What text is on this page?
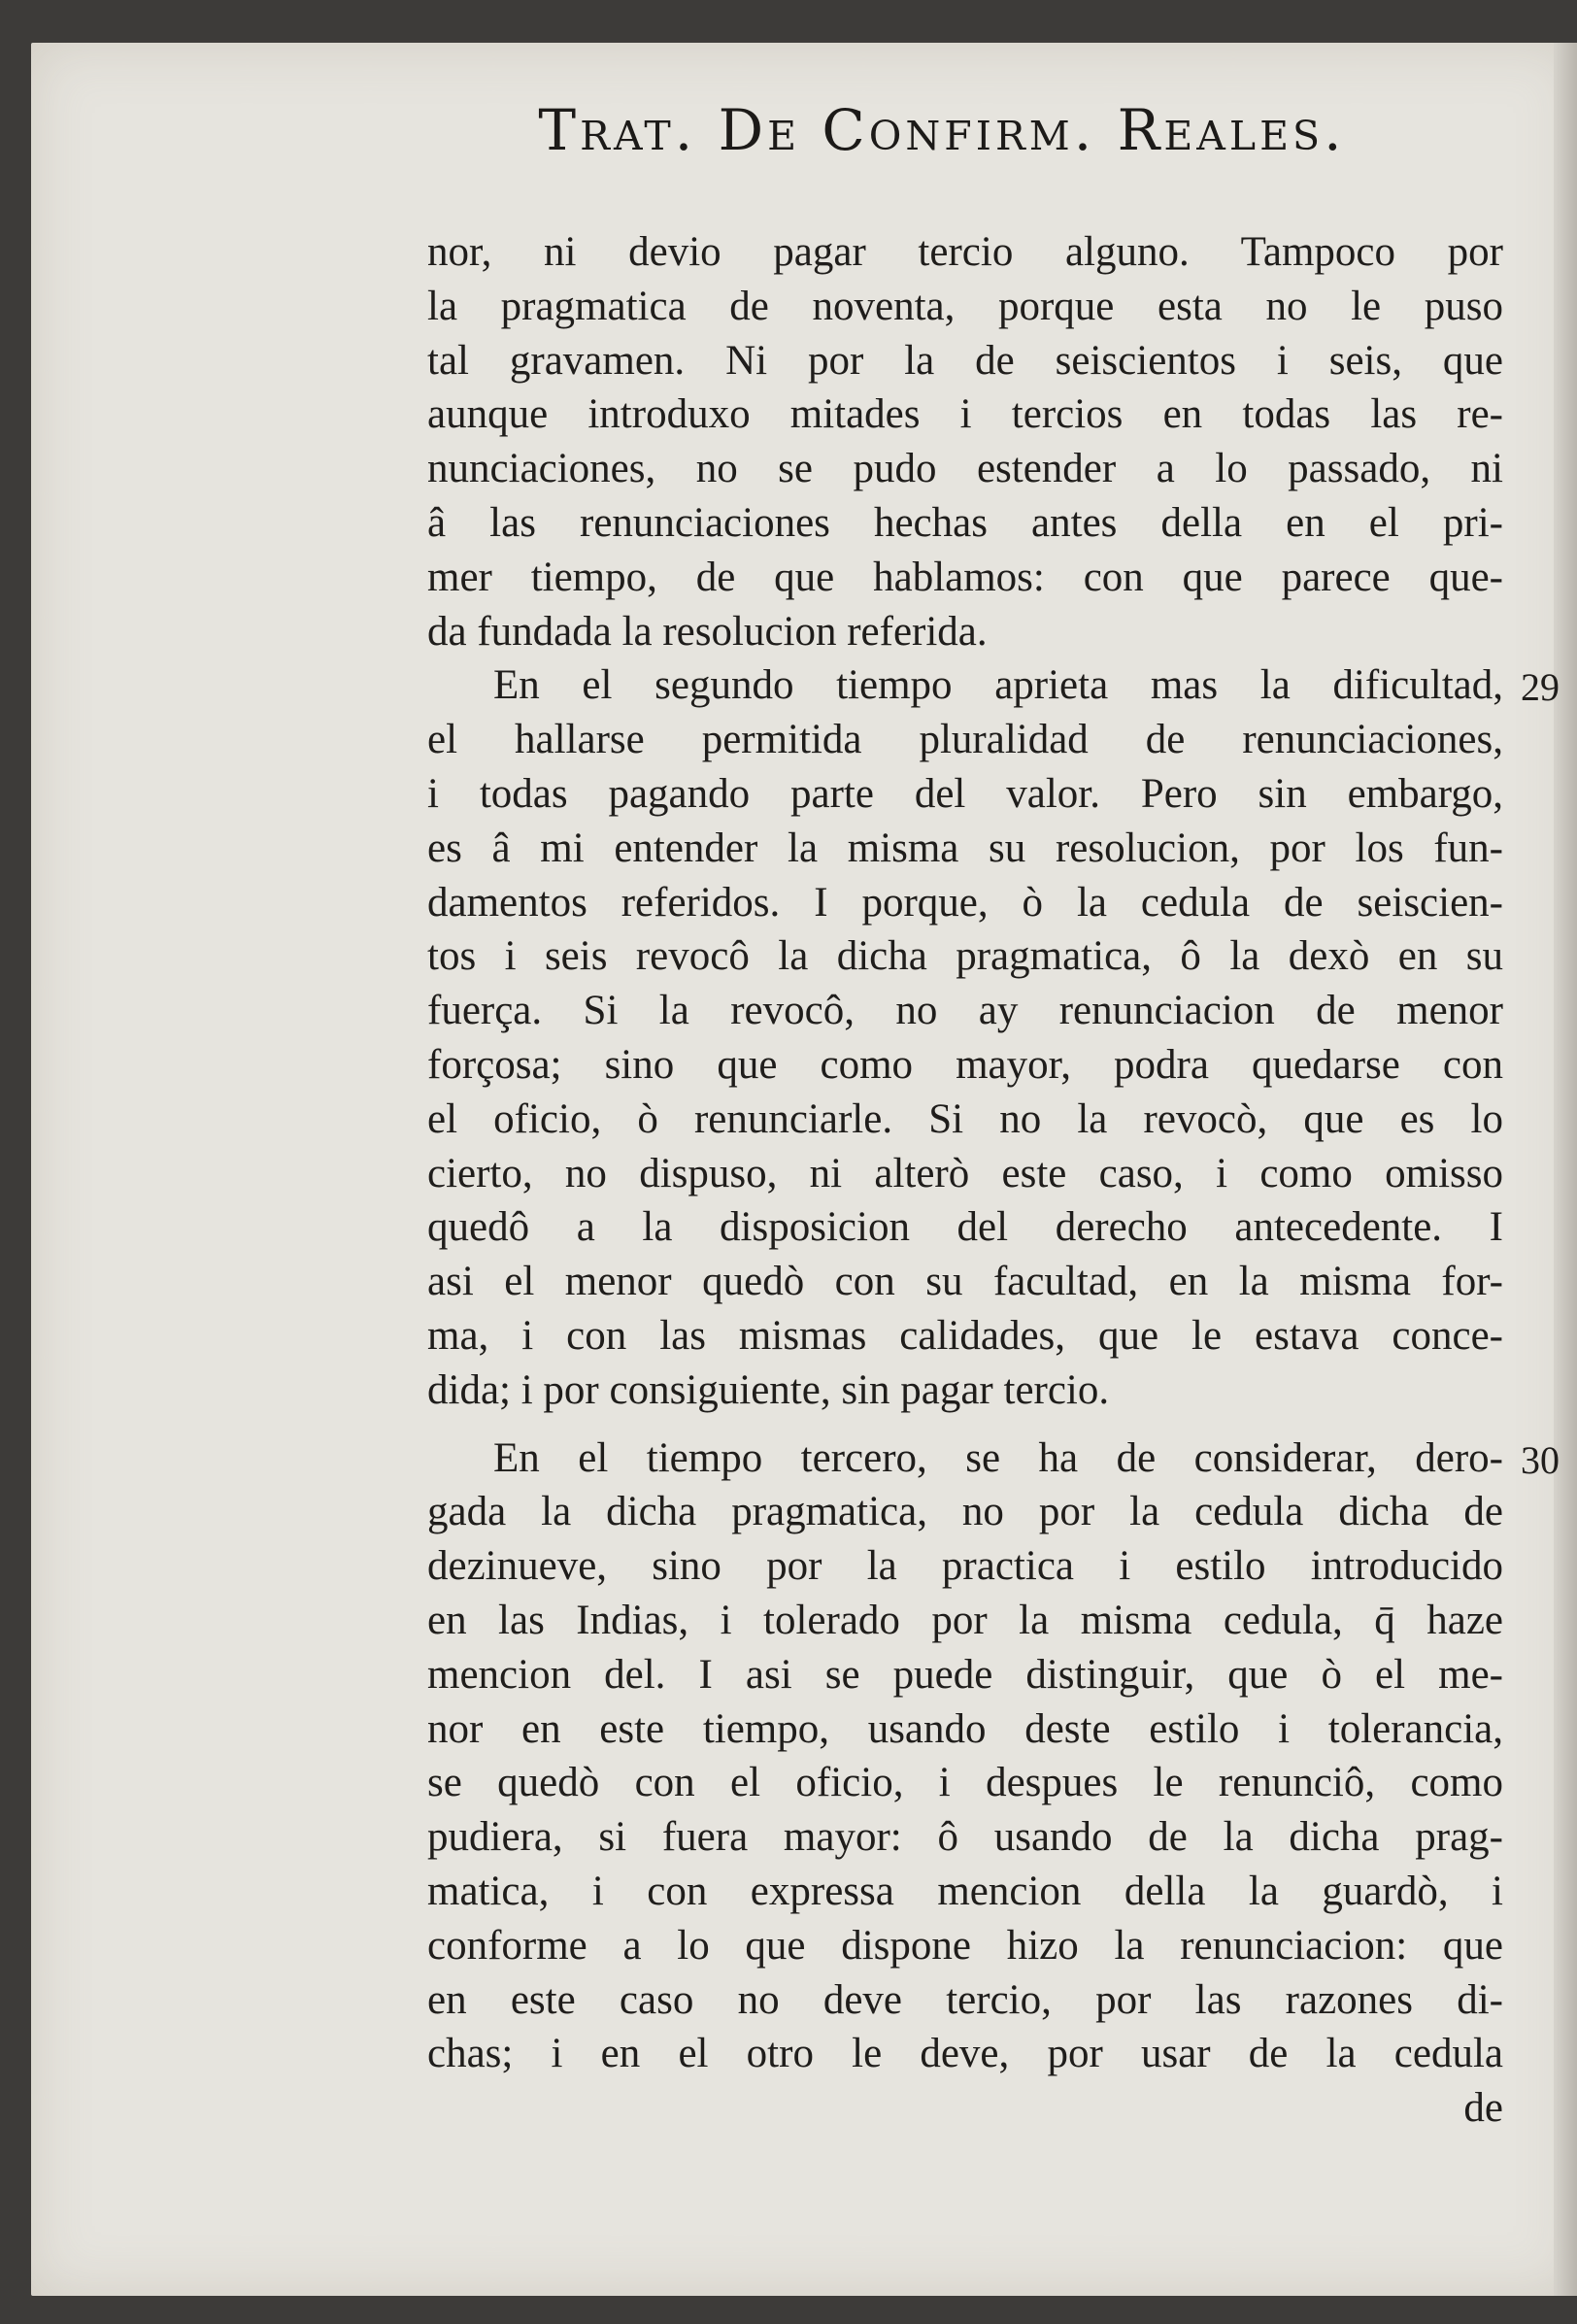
Trat. De Confirm. Reales.
nor, ni devio pagar tercio alguno. Tampoco por
la pragmatica de noventa, porque esta no le puso
tal gravamen. Ni por la de seiscientos i seis, que
aunque introduxo mitades i tercios en todas las re-
nunciaciones, no se pudo estender a lo passado, ni
â las renunciaciones hechas antes della en el pri-
mer tiempo, de que hablamos: con que parece que-
da fundada la resolucion referida.
En el segundo tiempo aprieta mas la dificultad,
el hallarse permitida pluralidad de renunciaciones,
i todas pagando parte del valor. Pero sin embargo,
es â mi entender la misma su resolucion, por los fun-
damentos referidos. I porque, ò la cedula de seiscien-
tos i seis revocô la dicha pragmatica, ô la dexò en su
fuerça. Si la revocô, no ay renunciacion de menor
forçosa; sino que como mayor, podra quedarse con
el oficio, ò renunciarle. Si no la revocò, que es lo
cierto, no dispuso, ni alterò este caso, i como omisso
quedô a la disposicion del derecho antecedente. I
asi el menor quedò con su facultad, en la misma for-
ma, i con las mismas calidades, que le estava conce-
dida; i por consiguiente, sin pagar tercio.
En el tiempo tercero, se ha de considerar, dero-
gada la dicha pragmatica, no por la cedula dicha de
dezinueve, sino por la practica i estilo introducido
en las Indias, i tolerado por la misma cedula, q̄ haze
mencion del. I asi se puede distinguir, que ò el me-
nor en este tiempo, usando deste estilo i tolerancia,
se quedò con el oficio, i despues le renunciô, como
pudiera, si fuera mayor: ô usando de la dicha prag-
matica, i con expressa mencion della la guardò, i
conforme a lo que dispone hizo la renunciacion: que
en este caso no deve tercio, por las razones di-
chas; i en el otro le deve, por usar de la cedula
de
29
30
